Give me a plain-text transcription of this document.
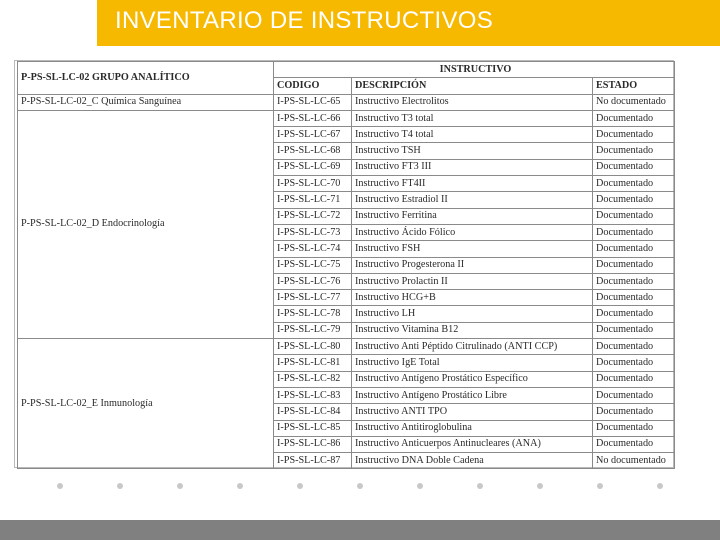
INVENTARIO DE INSTRUCTIVOS
P-PS-SL-LC-02 GRUPO ANALÍTICO	INSTRUCTIVO		
	CODIGO	DESCRIPCIÓN	ESTADO
P-PS-SL-LC-02_C Química Sanguínea	I-PS-SL-LC-65	Instructivo Electrolitos	No documentado
P-PS-SL-LC-02_D Endocrinología	I-PS-SL-LC-66	Instructivo T3 total	Documentado
	I-PS-SL-LC-67	Instructivo T4 total	Documentado
	I-PS-SL-LC-68	Instructivo TSH	Documentado
	I-PS-SL-LC-69	Instructivo FT3 III	Documentado
	I-PS-SL-LC-70	Instructivo FT4II	Documentado
	I-PS-SL-LC-71	Instructivo Estradiol II	Documentado
	I-PS-SL-LC-72	Instructivo Ferritina	Documentado
	I-PS-SL-LC-73	Instructivo Ácido Fólico	Documentado
	I-PS-SL-LC-74	Instructivo FSH	Documentado
	I-PS-SL-LC-75	Instructivo Progesterona II	Documentado
	I-PS-SL-LC-76	Instructivo Prolactin II	Documentado
	I-PS-SL-LC-77	Instructivo HCG+B	Documentado
	I-PS-SL-LC-78	Instructivo LH	Documentado
	I-PS-SL-LC-79	Instructivo Vitamina B12	Documentado
P-PS-SL-LC-02_E Inmunología	I-PS-SL-LC-80	Instructivo Anti Péptido Citrulinado (ANTI CCP)	Documentado
	I-PS-SL-LC-81	Instructivo IgE Total	Documentado
	I-PS-SL-LC-82	Instructivo Antígeno Prostático Específico	Documentado
	I-PS-SL-LC-83	Instructivo Antígeno Prostático Libre	Documentado
	I-PS-SL-LC-84	Instructivo ANTI TPO	Documentado
	I-PS-SL-LC-85	Instructivo Antitiroglobulina	Documentado
	I-PS-SL-LC-86	Instructivo Anticuerpos Antinucleares (ANA)	Documentado
	I-PS-SL-LC-87	Instructivo DNA Doble Cadena	No documentado
